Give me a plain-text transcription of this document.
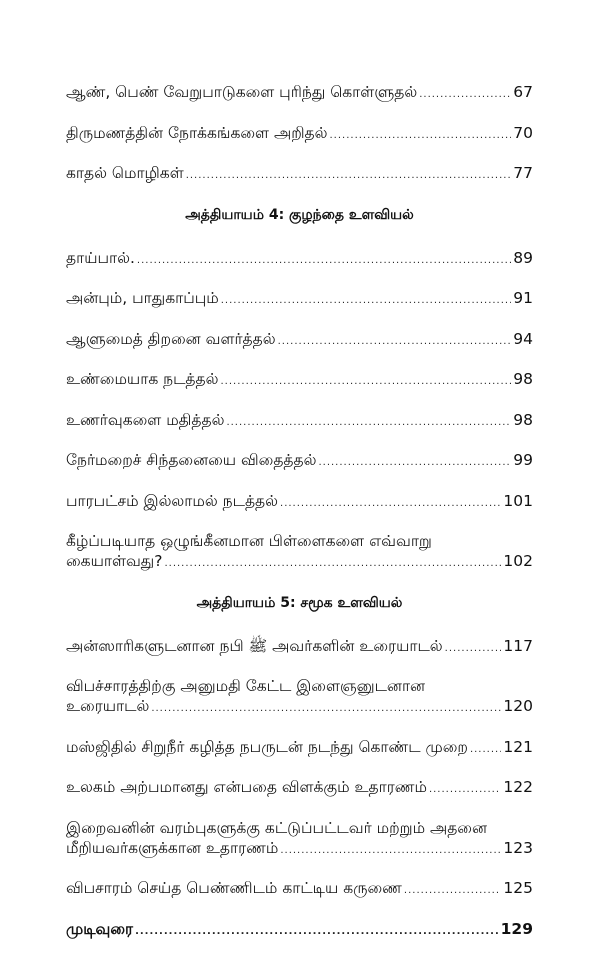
ஆண், பெண் வேறுபாடுகளை புரிந்து கொள்ளுதல் .....	67
திருமணத்தின் நோக்கங்களை அறிதல் .....	70
காதல் மொழிகள் .....	77
அத்தியாயம் 4: குழந்தை உளவியல்
தாய்பால். .....	89
அன்பும், பாதுகாப்பும் .....	91
ஆளுமைத் திறனை வளர்த்தல் .....	94
உண்மையாக நடத்தல் .....	98
உணர்வுகளை மதித்தல் .....	98
நேர்மறைச் சிந்தனையை விதைத்தல் .....	99
பாரபட்சம் இல்லாமல் நடத்தல் .....	101
கீழ்ப்படியாத ஒழுங்கீனமான பிள்ளைகளை எவ்வாறு
கையாள்வது? .....	102
அத்தியாயம் 5: சமூக உளவியல்
அன்ஸாரிகளுடனான நபி ﷺ அவர்களின் உரையாடல் .....	117
விபச்சாரத்திற்கு அனுமதி கேட்ட இளைஞனுடனான
உரையாடல் .....	120
மஸ்ஜிதில் சிறுநீர் கழித்த நபருடன் நடந்து கொண்ட முறை ..... 121
உலகம் அற்பமானது என்பதை விளக்கும் உதாரணம் .....	122
இறைவனின் வரம்புகளுக்கு கட்டுப்பட்டவர் மற்றும் அதனை
மீறியவர்களுக்கான உதாரணம் .....	123
விபசாரம் செய்த பெண்ணிடம் காட்டிய கருணை .....	125
முடிவுரை .....	129
